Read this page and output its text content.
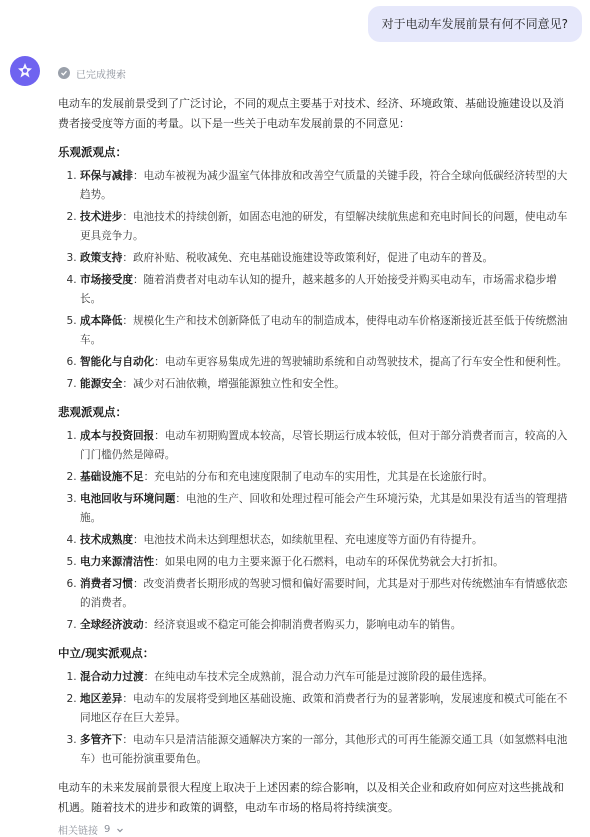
对于电动车发展前景有何不同意见?
已完成搜索

电动车的发展前景受到了广泛讨论，不同的观点主要基于对技术、经济、环境政策、基础设施建设以及消费者接受度等方面的考量。以下是一些关于电动车发展前景的不同意见：

乐观派观点：
1. 环保与减排：电动车被视为减少温室气体排放和改善空气质量的关键手段，符合全球向低碳经济转型的大趋势。
2. 技术进步：电池技术的持续创新，如固态电池的研发，有望解决续航焦虑和充电时间长的问题，使电动车更具竞争力。
3. 政策支持：政府补贴、税收减免、充电基础设施建设等政策利好，促进了电动车的普及。
4. 市场接受度：随着消费者对电动车认知的提升，越来越多的人开始接受并购买电动车，市场需求稳步增长。
5. 成本降低：规模化生产和技术创新降低了电动车的制造成本，使得电动车价格逐渐接近甚至低于传统燃油车。
6. 智能化与自动化：电动车更容易集成先进的驾驶辅助系统和自动驾驶技术，提高了行车安全性和便利性。
7. 能源安全：减少对石油依赖，增强能源独立性和安全性。
悲观派观点：
1. 成本与投资回报：电动车初期购置成本较高，尽管长期运行成本较低，但对于部分消费者而言，较高的入门门槛仍然是障碍。
2. 基础设施不足：充电站的分布和充电速度限制了电动车的实用性，尤其是在长途旅行时。
3. 电池回收与环境问题：电池的生产、回收和处理过程可能会产生环境污染，尤其是如果没有适当的管理措施。
4. 技术成熟度：电池技术尚未达到理想状态，如续航里程、充电速度等方面仍有待提升。
5. 电力来源清洁性：如果电网的电力主要来源于化石燃料，电动车的环保优势就会大打折扣。
6. 消费者习惯：改变消费者长期形成的驾驶习惯和偏好需要时间，尤其是对于那些对传统燃油车有情感依恋的消费者。
7. 全球经济波动：经济衰退或不稳定可能会抑制消费者购买力，影响电动车的销售。
中立/现实派观点：
1. 混合动力过渡：在纯电动车技术完全成熟前，混合动力汽车可能是过渡阶段的最佳选择。
2. 地区差异：电动车的发展将受到地区基础设施、政策和消费者行为的显著影响，发展速度和模式可能在不同地区存在巨大差异。
3. 多管齐下：电动车只是清洁能源交通解决方案的一部分，其他形式的可再生能源交通工具（如氢燃料电池车）也可能扮演重要角色。

电动车的未来发展前景很大程度上取决于上述因素的综合影响，以及相关企业和政府如何应对这些挑战和机遇。随着技术的进步和政策的调整，电动车市场的格局将持续演变。

相关链接 9
